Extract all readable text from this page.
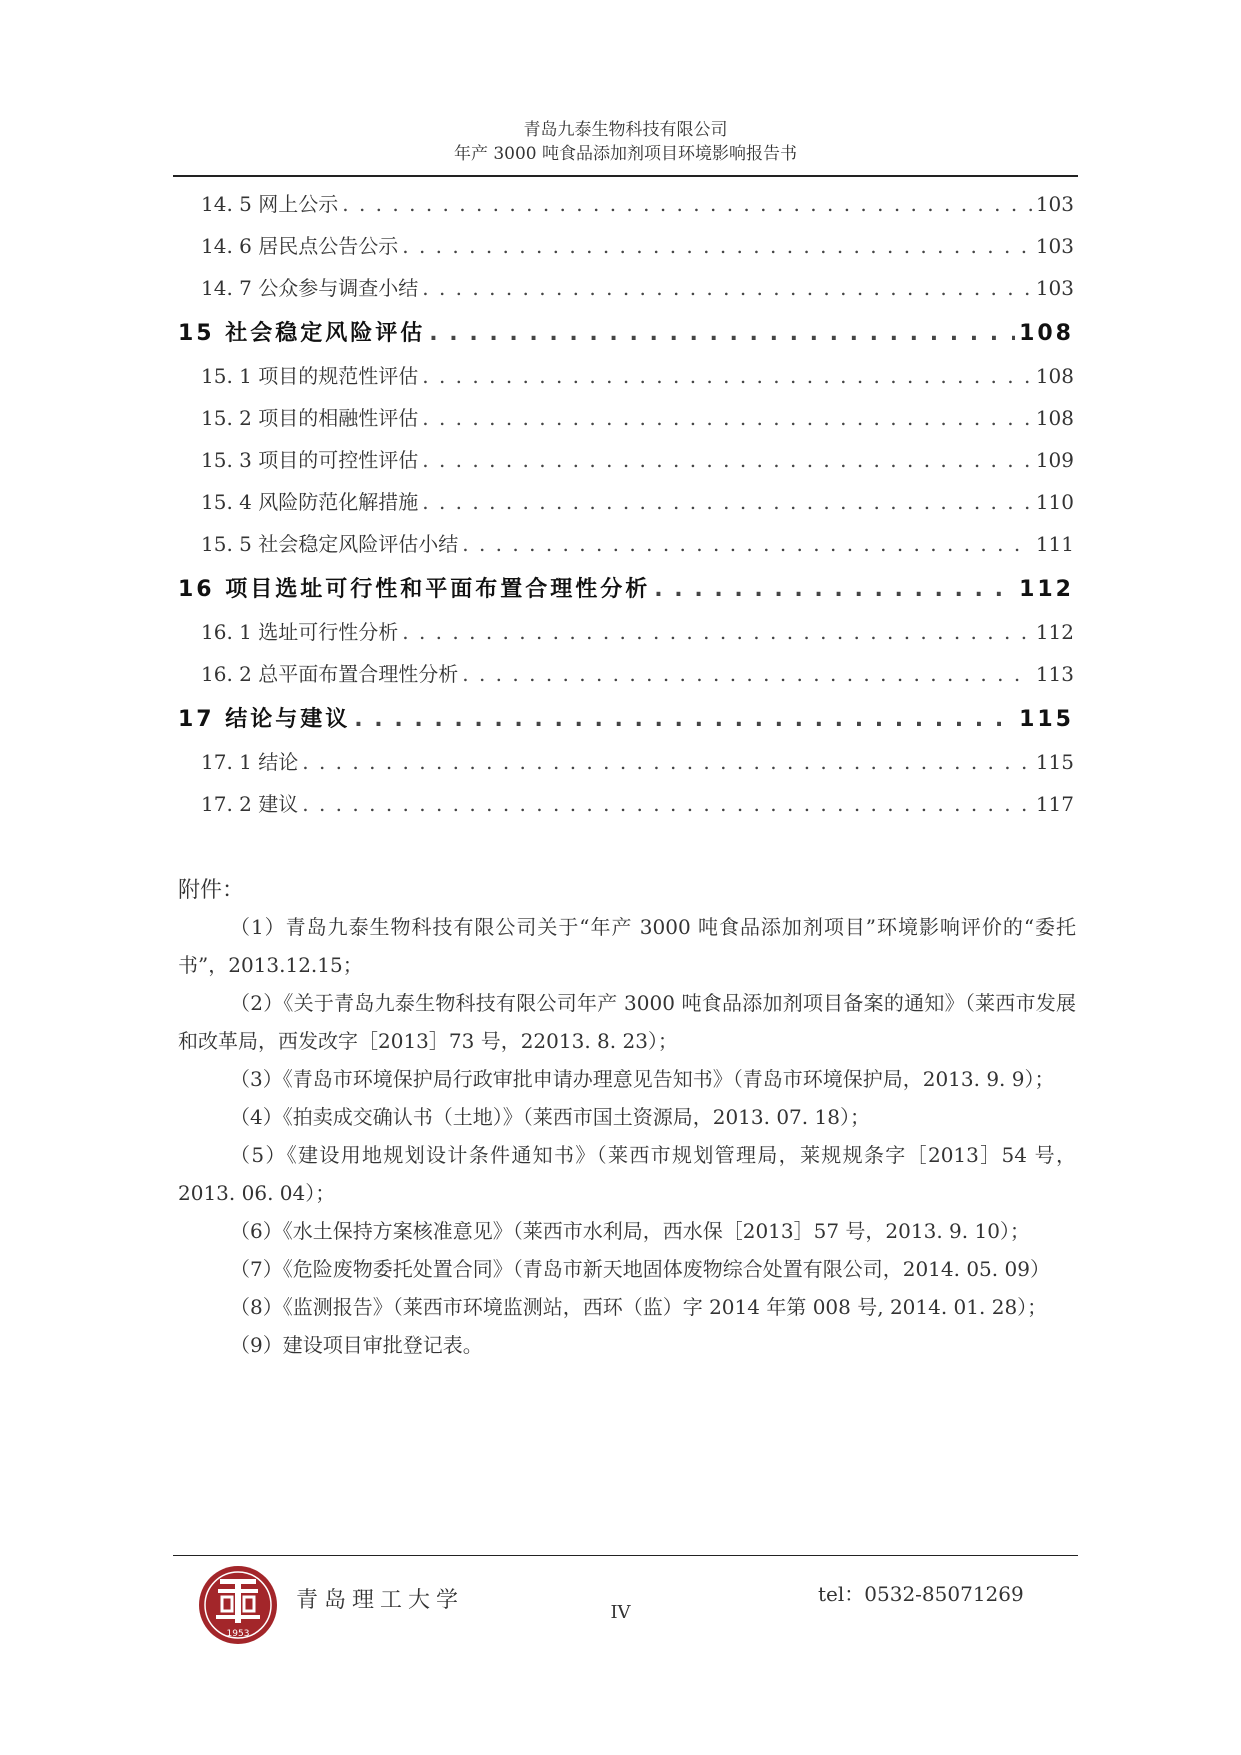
青岛九泰生物科技有限公司
年产 3000 吨食品添加剂项目环境影响报告书
14. 5 网上公示 . . .	103
14. 6 居民点公告公示 . . .	103
14. 7 公众参与调查小结 . . .	103
15 社会稳定风险评估 . . .	108
15. 1 项目的规范性评估 . . .	108
15. 2 项目的相融性评估 . . .	108
15. 3 项目的可控性评估 . . .	109
15. 4 风险防范化解措施 . . .	110
15. 5 社会稳定风险评估小结 . . .	111
16 项目选址可行性和平面布置合理性分析 . . .	112
16. 1 选址可行性分析 . . .	112
16. 2 总平面布置合理性分析 . . .	113
17 结论与建议 . . .	115
17. 1 结论 . . .	115
17. 2 建议 . . .	117
附件：

（1）青岛九泰生物科技有限公司关于“年产 3000 吨食品添加剂项目”环境影响评价的“委托书”，2013.12.15；

（2）《关于青岛九泰生物科技有限公司年产 3000 吨食品添加剂项目备案的通知》（莱西市发展和改革局，西发改字［2013］73 号，22013. 8. 23）；

（3）《青岛市环境保护局行政审批申请办理意见告知书》（青岛市环境保护局，2013. 9. 9）；

（4）《拍卖成交确认书（土地）》（莱西市国土资源局，2013. 07. 18）；

（5）《建设用地规划设计条件通知书》（莱西市规划管理局，莱规规条字［2013］54 号，2013. 06. 04）；

（6）《水土保持方案核准意见》（莱西市水利局，西水保［2013］57 号，2013. 9. 10）；

（7）《危险废物委托处置合同》（青岛市新天地固体废物综合处置有限公司，2014. 05. 09）

（8）《监测报告》（莱西市环境监测站，西环（监）字 2014 年第 008 号, 2014. 01. 28）；

（9）建设项目审批登记表。

1953
青岛理工大学	tel：0532-85071269
IV
